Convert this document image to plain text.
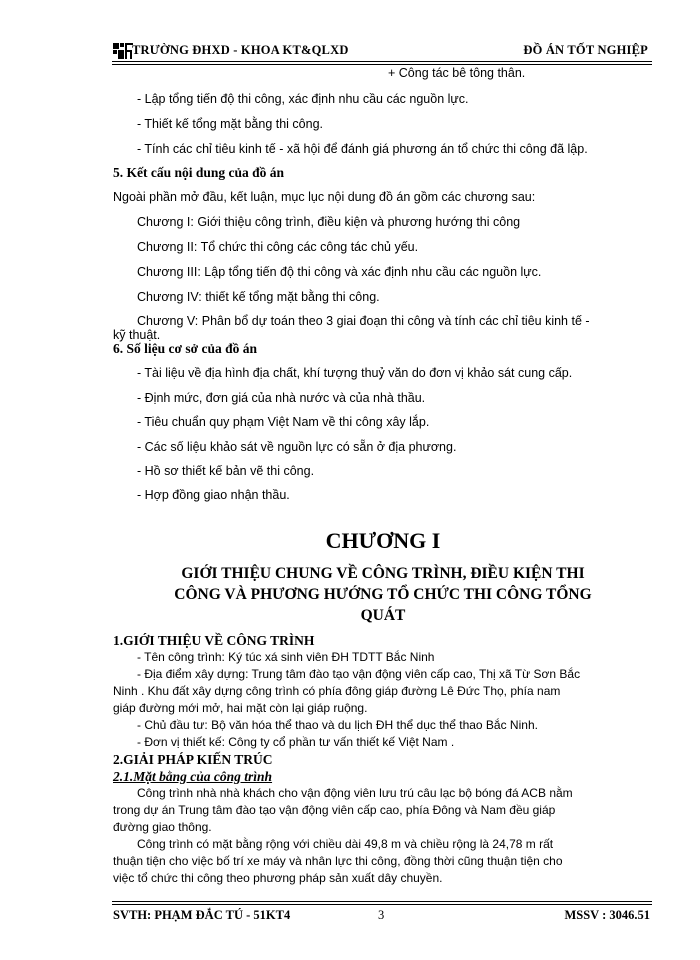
TRƯỜNG ĐHXD - KHOA KT&QLXD	ĐỒ ÁN TỐT NGHIỆP
+ Công tác bê tông thân.
- Lập tổng tiến độ thi công, xác định nhu cầu các nguồn lực.
- Thiết kế tổng mặt bằng thi công.
- Tính các chỉ tiêu kinh tế - xã hội để đánh giá phương án tổ chức thi công đã lập.
5. Kết cấu nội dung của đồ án
Ngoài phần mở đầu, kết luận, mục lục nội dung đồ án gồm các chương sau:
Chương I: Giới thiệu công trình, điều kiện và phương hướng thi công
Chương II: Tổ chức thi công các công tác chủ yếu.
Chương III: Lập tổng tiến độ thi công và xác định nhu cầu các nguồn lực.
Chương IV: thiết kế tổng mặt bằng thi công.
Chương V: Phân bổ dự toán theo 3 giai đoạn thi công và tính các chỉ tiêu kinh tế -
kỹ thuật.
6. Số liệu cơ sở của đồ án
- Tài liệu về địa hình địa chất, khí tượng thuỷ văn do đơn vị khảo sát cung cấp.
- Định mức, đơn giá của nhà nước và của nhà thầu.
- Tiêu chuẩn quy phạm Việt Nam về thi công xây lắp.
- Các số liệu khảo sát về nguồn lực có sẵn ở địa phương.
- Hồ sơ thiết kế bản vẽ thi công.
- Hợp đồng giao nhận thầu.
CHƯƠNG I
GIỚI THIỆU CHUNG VỀ CÔNG TRÌNH, ĐIỀU KIỆN THI
CÔNG VÀ PHƯƠNG HƯỚNG TỔ CHỨC THI CÔNG TỔNG
QUÁT
1.GIỚI THIỆU VỀ CÔNG TRÌNH
- Tên công trình: Ký túc xá sinh viên ĐH TDTT Bắc Ninh
- Địa điểm xây dựng: Trung tâm đào tạo vận động viên cấp cao, Thị xã Từ Sơn Bắc
Ninh . Khu đất xây dựng công trình có phía đông giáp đường Lê Đức Thọ, phía nam
giáp đường mới mở, hai mặt còn lại giáp ruộng.
- Chủ đầu tư: Bộ văn hóa thể thao và du lịch ĐH thể dục thể thao Bắc Ninh.
- Đơn vị thiết kế: Công ty cổ phần tư vấn thiết kế Việt Nam .
2.GIẢI PHÁP KIẾN TRÚC
2.1.Mặt bằng của công trình
Công trình nhà nhà khách cho vận động viên lưu trú câu lạc bộ bóng đá ACB nằm
trong dự án Trung tâm đào tạo vận động viên cấp cao, phía Đông và Nam đều giáp
đường giao thông.
Công trình có mặt bằng rộng với chiều dài 49,8 m và chiều rộng là 24,78 m rất
thuận tiện cho việc bố trí xe máy và nhân lực thi công, đồng thời cũng thuận tiện cho
việc tổ chức thi công theo phương pháp sản xuất dây chuyền.
SVTH: PHẠM ĐẮC TÚ - 51KT4	3	MSSV : 3046.51
